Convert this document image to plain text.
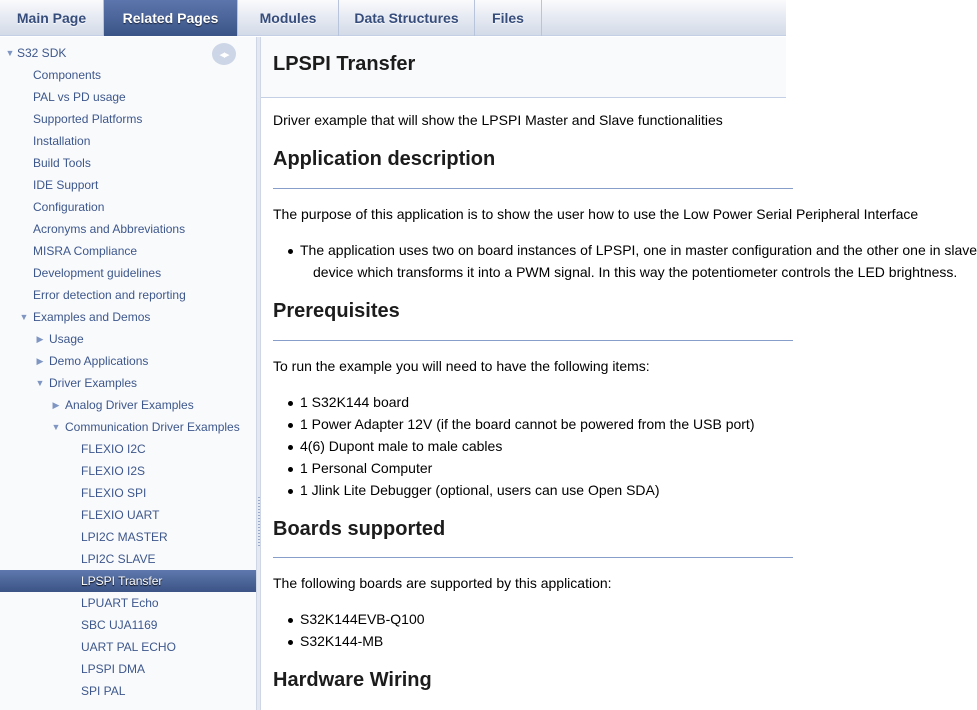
Main Page	Related Pages	Modules	Data Structures	Files
◂▸
▼ S32 SDK
Components
PAL vs PD usage
Supported Platforms
Installation
Build Tools
IDE Support
Configuration
Acronyms and Abbreviations
MISRA Compliance
Development guidelines
Error detection and reporting
▼ Examples and Demos
▶ Usage
▶ Demo Applications
▼ Driver Examples
▶ Analog Driver Examples
▼ Communication Driver Examples
FLEXIO I2C
FLEXIO I2S
FLEXIO SPI
FLEXIO UART
LPI2C MASTER
LPI2C SLAVE
LPSPI Transfer
LPUART Echo
SBC UJA1169
UART PAL ECHO
LPSPI DMA
SPI PAL
LPSPI Transfer
Driver example that will show the LPSPI Master and Slave functionalities
Application description
The purpose of this application is to show the user how to use the Low Power Serial Peripheral Interface
The application uses two on board instances of LPSPI, one in master configuration and the other one in slave
device which transforms it into a PWM signal. In this way the potentiometer controls the LED brightness.
Prerequisites
To run the example you will need to have the following items:
1 S32K144 board
1 Power Adapter 12V (if the board cannot be powered from the USB port)
4(6) Dupont male to male cables
1 Personal Computer
1 Jlink Lite Debugger (optional, users can use Open SDA)
Boards supported
The following boards are supported by this application:
S32K144EVB-Q100
S32K144-MB
Hardware Wiring
